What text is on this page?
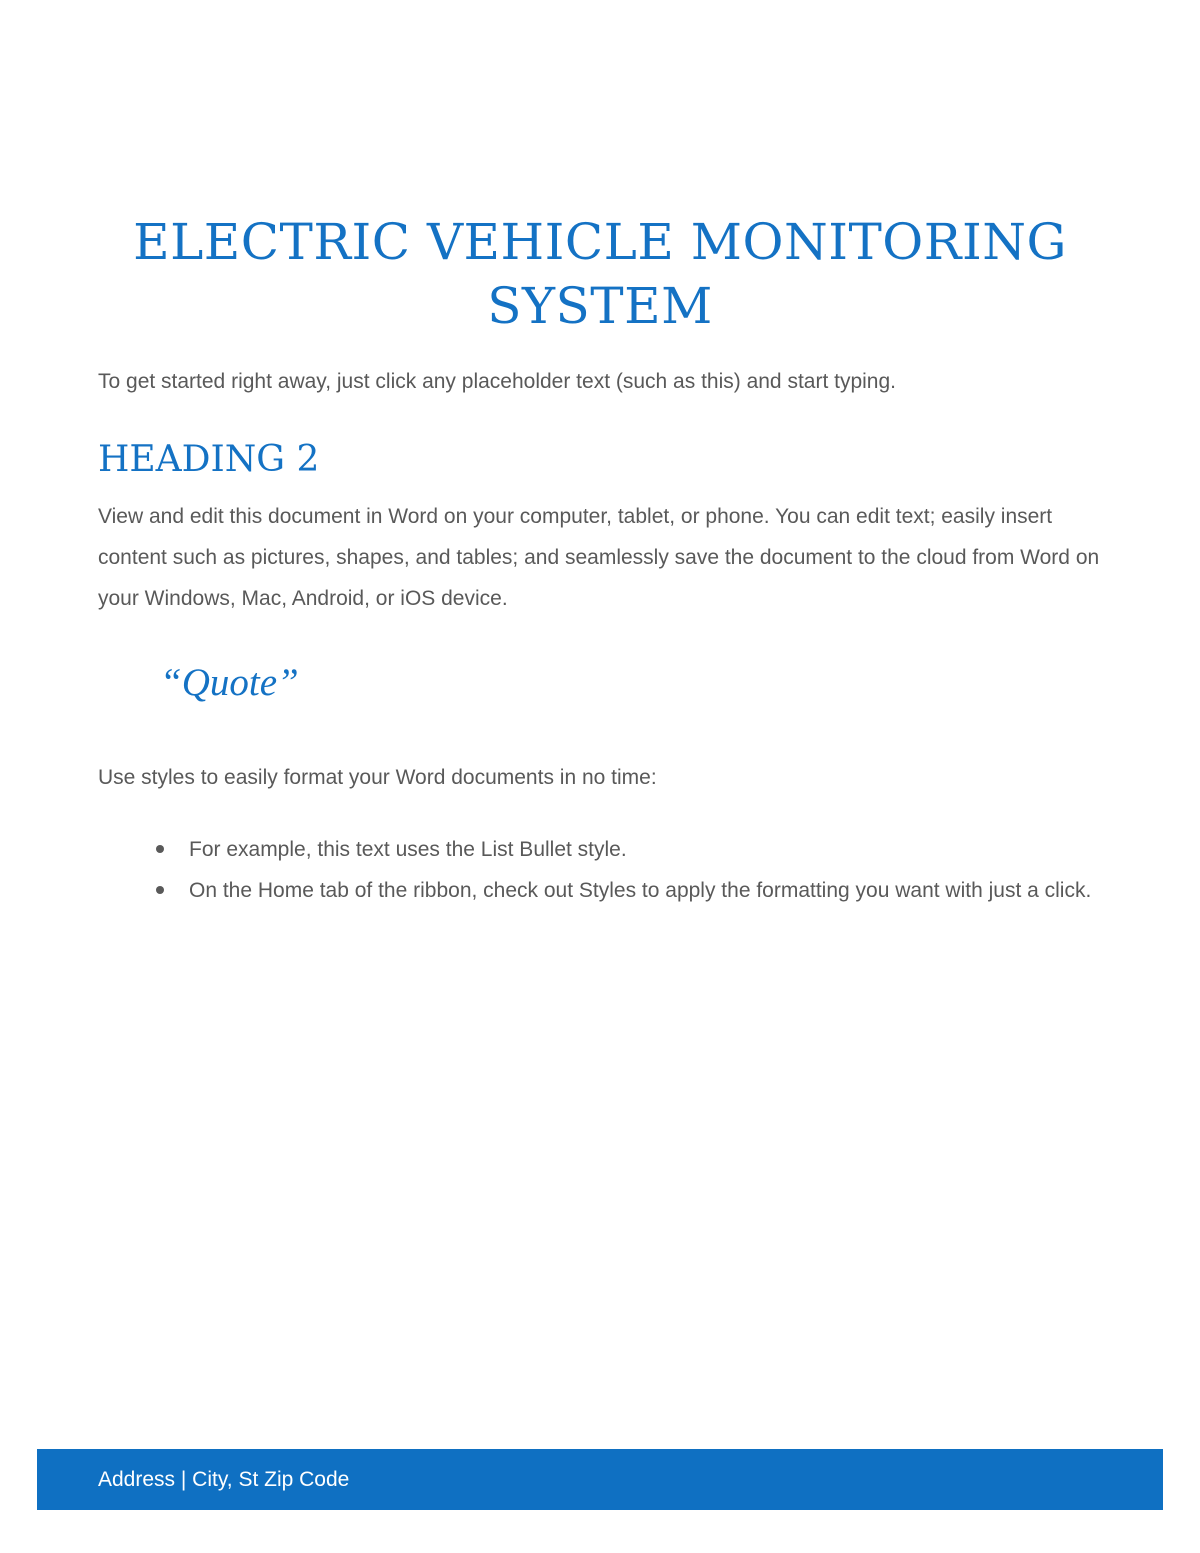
ELECTRIC VEHICLE MONITORING SYSTEM

To get started right away, just click any placeholder text (such as this) and start typing.

HEADING 2

View and edit this document in Word on your computer, tablet, or phone. You can edit text; easily insert content such as pictures, shapes, and tables; and seamlessly save the document to the cloud from Word on your Windows, Mac, Android, or iOS device.

“Quote”

Use styles to easily format your Word documents in no time:

For example, this text uses the List Bullet style.
On the Home tab of the ribbon, check out Styles to apply the formatting you want with just a click.

Address | City, St Zip Code
